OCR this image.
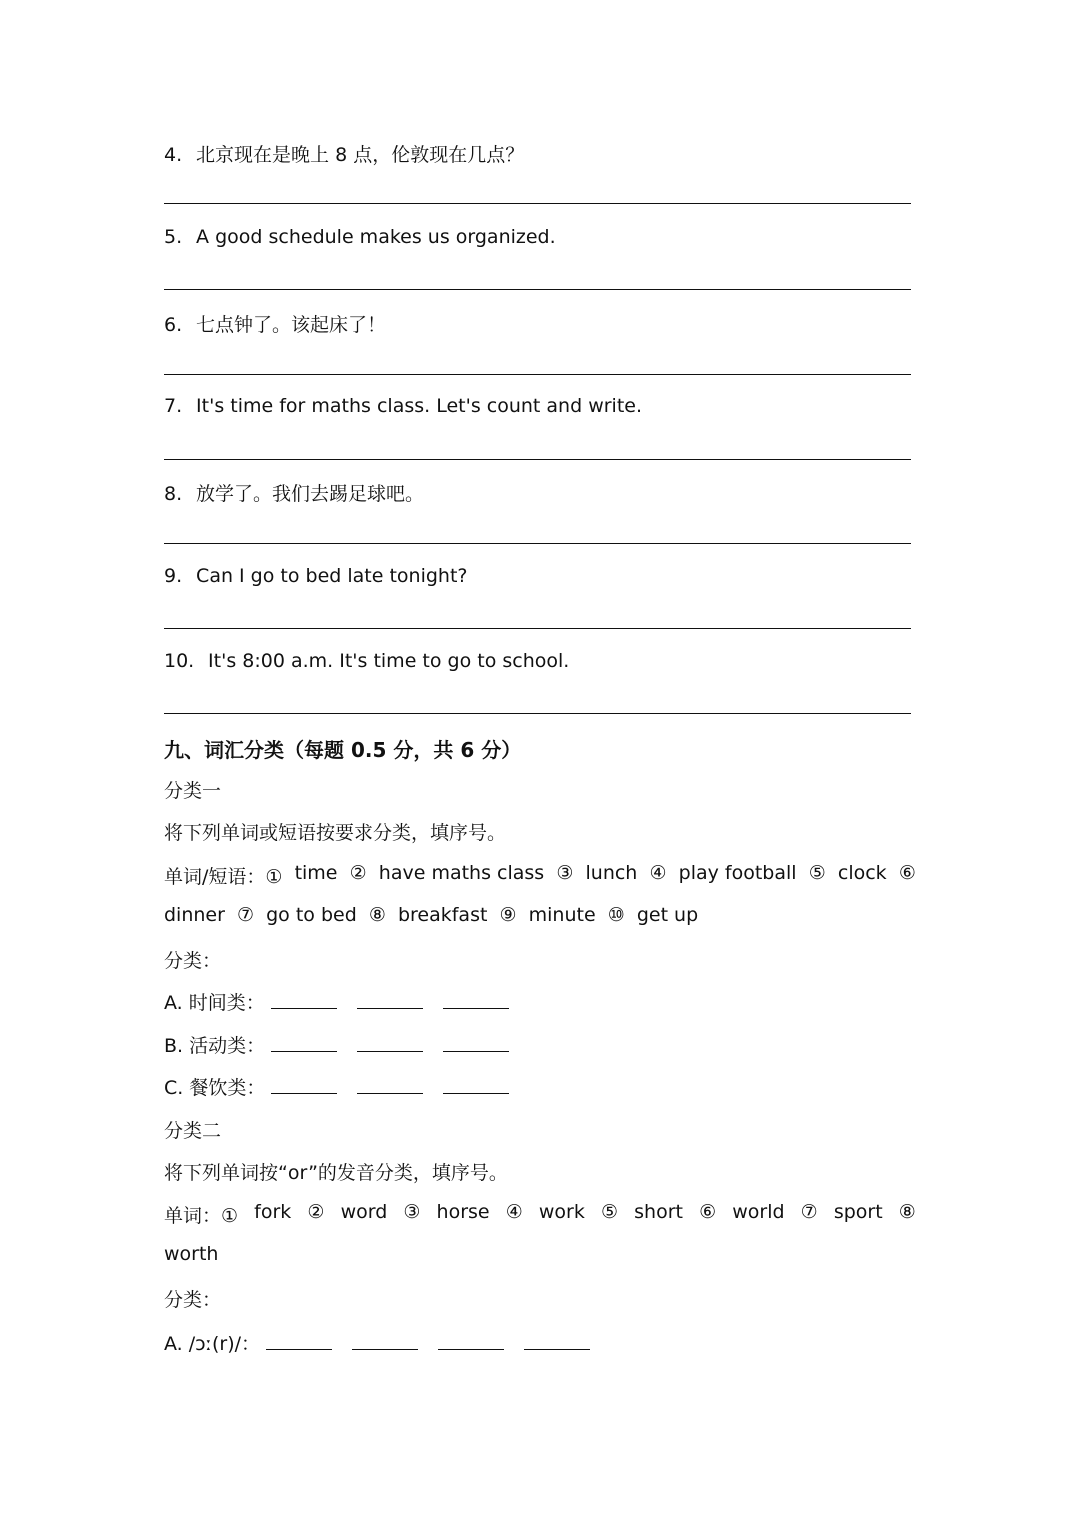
4. 北京现在是晚上 8 点，伦敦现在几点？
5. A good schedule makes us organized.
6. 七点钟了。该起床了！
7. It's time for maths class. Let's count and write.
8. 放学了。我们去踢足球吧。
9. Can I go to bed late tonight?
10. It's 8:00 a.m. It's time to go to school.
九、词汇分类（每题 0.5 分，共 6 分）
分类一
将下列单词或短语按要求分类，填序号。
单词/短语：① time ② have maths class ③ lunch ④ play football ⑤ clock ⑥
dinner  ⑦  go to bed  ⑧  breakfast  ⑨  minute  ⑩  get up
分类：
A. 时间类：
B. 活动类：
C. 餐饮类：
分类二
将下列单词按“or”的发音分类，填序号。
单词：① fork ② word ③ horse ④ work ⑤ short ⑥ world ⑦ sport ⑧
worth
分类：
A. /ɔː(r)/：
